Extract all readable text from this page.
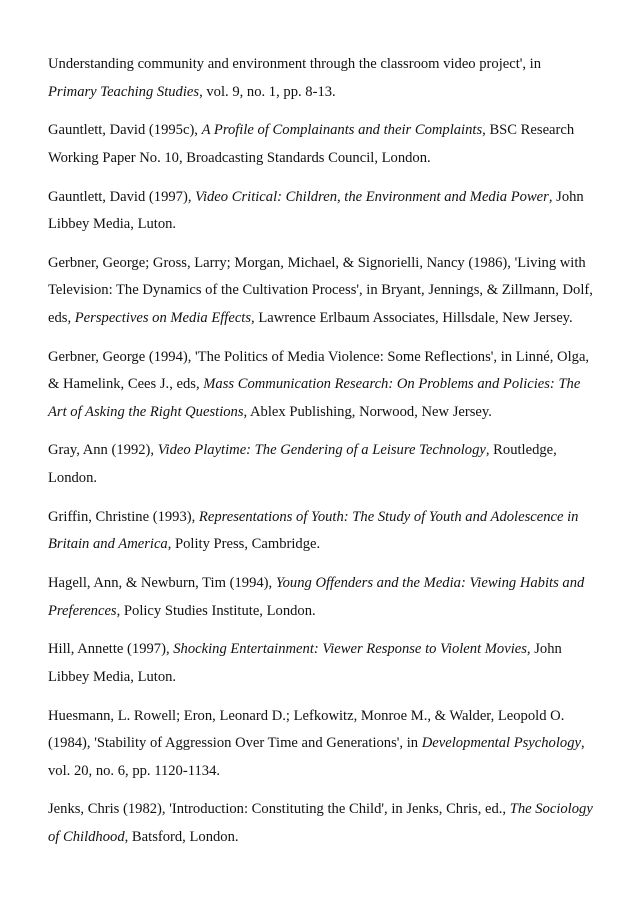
Understanding community and environment through the classroom video project', in
Primary Teaching Studies, vol. 9, no. 1, pp. 8-13.

Gauntlett, David (1995c), A Profile of Complainants and their Complaints, BSC Research
Working Paper No. 10, Broadcasting Standards Council, London.

Gauntlett, David (1997), Video Critical: Children, the Environment and Media Power, John
Libbey Media, Luton.

Gerbner, George; Gross, Larry; Morgan, Michael, & Signorielli, Nancy (1986), 'Living with
Television: The Dynamics of the Cultivation Process', in Bryant, Jennings, & Zillmann, Dolf,
eds, Perspectives on Media Effects, Lawrence Erlbaum Associates, Hillsdale, New Jersey.

Gerbner, George (1994), 'The Politics of Media Violence: Some Reflections', in Linné, Olga,
& Hamelink, Cees J., eds, Mass Communication Research: On Problems and Policies: The
Art of Asking the Right Questions, Ablex Publishing, Norwood, New Jersey.

Gray, Ann (1992), Video Playtime: The Gendering of a Leisure Technology, Routledge,
London.

Griffin, Christine (1993), Representations of Youth: The Study of Youth and Adolescence in
Britain and America, Polity Press, Cambridge.

Hagell, Ann, & Newburn, Tim (1994), Young Offenders and the Media: Viewing Habits and
Preferences, Policy Studies Institute, London.

Hill, Annette (1997), Shocking Entertainment: Viewer Response to Violent Movies, John
Libbey Media, Luton.

Huesmann, L. Rowell; Eron, Leonard D.; Lefkowitz, Monroe M., & Walder, Leopold O.
(1984), 'Stability of Aggression Over Time and Generations', in Developmental Psychology,
vol. 20, no. 6, pp. 1120-1134.

Jenks, Chris (1982), 'Introduction: Constituting the Child', in Jenks, Chris, ed., The Sociology
of Childhood, Batsford, London.
